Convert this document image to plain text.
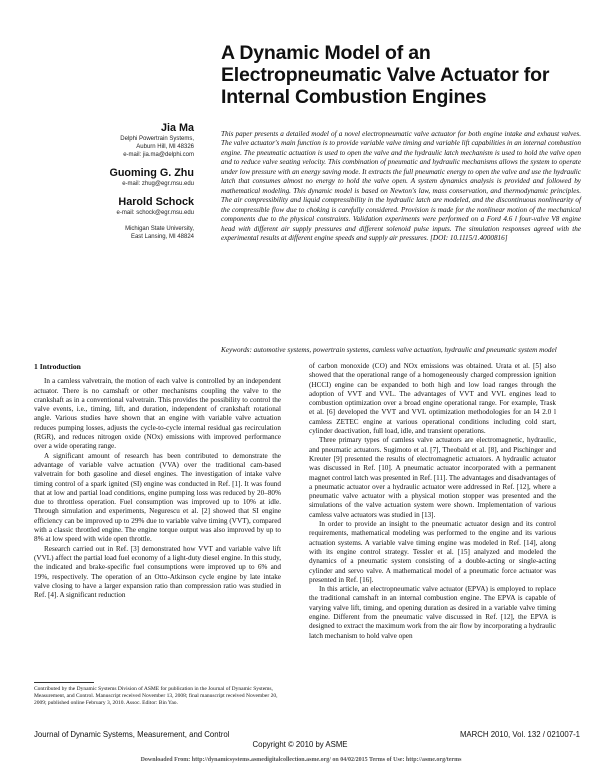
A Dynamic Model of an Electropneumatic Valve Actuator for Internal Combustion Engines
Jia Ma
Delphi Powertrain Systems,
Auburn Hill, MI 48326
e-mail: jia.ma@delphi.com
Guoming G. Zhu
e-mail: zhug@egr.msu.edu
Harold Schock
e-mail: schock@egr.msu.edu

Michigan State University,
East Lansing, MI 48824

This paper presents a detailed model of a novel electropneumatic valve actuator for both engine intake and exhaust valves. The valve actuator's main function is to provide variable valve timing and variable lift capabilities in an internal combustion engine. The pneumatic actuation is used to open the valve and the hydraulic latch mechanism is used to hold the valve open and to reduce valve seating velocity. This combination of pneumatic and hydraulic mechanisms allows the system to operate under low pressure with an energy saving mode. It extracts the full pneumatic energy to open the valve and use the hydraulic latch that consumes almost no energy to hold the valve open. A system dynamics analysis is provided and followed by mathematical modeling. This dynamic model is based on Newton's law, mass conservation, and thermodynamic principles. The air compressibility and liquid compressibility in the hydraulic latch are modeled, and the discontinuous nonlinearity of the compressible flow due to choking is carefully considered. Provision is made for the nonlinear motion of the mechanical components due to the physical constraints. Validation experiments were performed on a Ford 4.6 l four-valve V8 engine head with different air supply pressures and different solenoid pulse inputs. The simulation responses agreed with the experimental results at different engine speeds and supply air pressures. [DOI: 10.1115/1.4000816]

Keywords: automotive systems, powertrain systems, camless valve actuation, hydraulic and pneumatic system model

1 Introduction

In a camless valvetrain, the motion of each valve is controlled by an independent actuator. There is no camshaft or other mechanisms coupling the valve to the crankshaft as in a conventional valvetrain. This provides the possibility to control the valve events, i.e., timing, lift, and duration, independent of crankshaft rotational angle. Various studies have shown that an engine with variable valve actuation reduces pumping losses, adjusts the cycle-to-cycle internal residual gas recirculation (RGR), and reduces nitrogen oxide (NOx) emissions with improved performance over a wide operating range.

A significant amount of research has been contributed to demonstrate the advantage of variable valve actuation (VVA) over the traditional cam-based valvetrain for both gasoline and diesel engines. The investigation of intake valve timing control of a spark ignited (SI) engine was conducted in Ref. [1]. It was found that at low and partial load conditions, engine pumping loss was reduced by 20–80% due to throttless operation. Fuel consumption was improved up to 10% at idle. Through simulation and experiments, Negurescu et al. [2] showed that SI engine efficiency can be improved up to 29% due to variable valve timing (VVT), compared with a classic throttled engine. The engine torque output was also improved by up to 8% at low speed with wide open throttle.

Research carried out in Ref. [3] demonstrated how VVT and variable valve lift (VVL) affect the partial load fuel economy of a light-duty diesel engine. In this study, the indicated and brake-specific fuel consumptions were improved up to 6% and 19%, respectively. The operation of an Otto-Atkinson cycle engine by late intake valve closing to have a larger expansion ratio than compression ratio was studied in Ref. [4]. A significant reduction

of carbon monoxide (CO) and NOx emissions was obtained. Urata et al. [5] also showed that the operational range of a homogeneously charged compression ignition (HCCI) engine can be expanded to both high and low load ranges through the adoption of VVT and VVL. The advantages of VVT and VVL engines lead to combustion optimization over a broad engine operational range. For example, Trask et al. [6] developed the VVT and VVL optimization methodologies for an I4 2.0 l camless ZETEC engine at various operational conditions including cold start, cylinder deactivation, full load, idle, and transient operations.

Three primary types of camless valve actuators are electromagnetic, hydraulic, and pneumatic actuators. Sugimoto et al. [7], Theobald et al. [8], and Pischinger and Kreuter [9] presented the results of electromagnetic actuators. A hydraulic actuator was discussed in Ref. [10]. A pneumatic actuator incorporated with a permanent magnet control latch was presented in Ref. [11]. The advantages and disadvantages of a pneumatic actuator over a hydraulic actuator were addressed in Ref. [12], where a pneumatic valve actuator with a physical motion stopper was presented and the simulations of the valve actuation system were shown. Implementation of various camless valve actuators was studied in [13].

In order to provide an insight to the pneumatic actuator design and its control requirements, mathematical modeling was performed to the engine and its various actuation systems. A variable valve timing engine was modeled in Ref. [14], along with its engine control strategy. Tessler et al. [15] analyzed and modeled the dynamics of a pneumatic system consisting of a double-acting or single-acting cylinder and servo valve. A mathematical model of a pneumatic force actuator was presented in Ref. [16].

In this article, an electropneumatic valve actuator (EPVA) is employed to replace the traditional camshaft in an internal combustion engine. The EPVA is capable of varying valve lift, timing, and opening duration as desired in a variable valve timing engine. Different from the pneumatic valve discussed in Ref. [12], the EPVA is designed to extract the maximum work from the air flow by incorporating a hydraulic latch mechanism to hold valve open

Contributed by the Dynamic Systems Division of ASME for publication in the Journal of Dynamic Systems, Measurement, and Control. Manuscript received November 13, 2008; final manuscript received November 20, 2009; published online February 3, 2010. Assoc. Editor: Bin Yao.

Journal of Dynamic Systems, Measurement, and Control	MARCH 2010, Vol. 132 / 021007-1
Copyright © 2010 by ASME
Downloaded From: http://dynamicsystems.asmedigitalcollection.asme.org/ on 04/02/2015 Terms of Use: http://asme.org/terms
